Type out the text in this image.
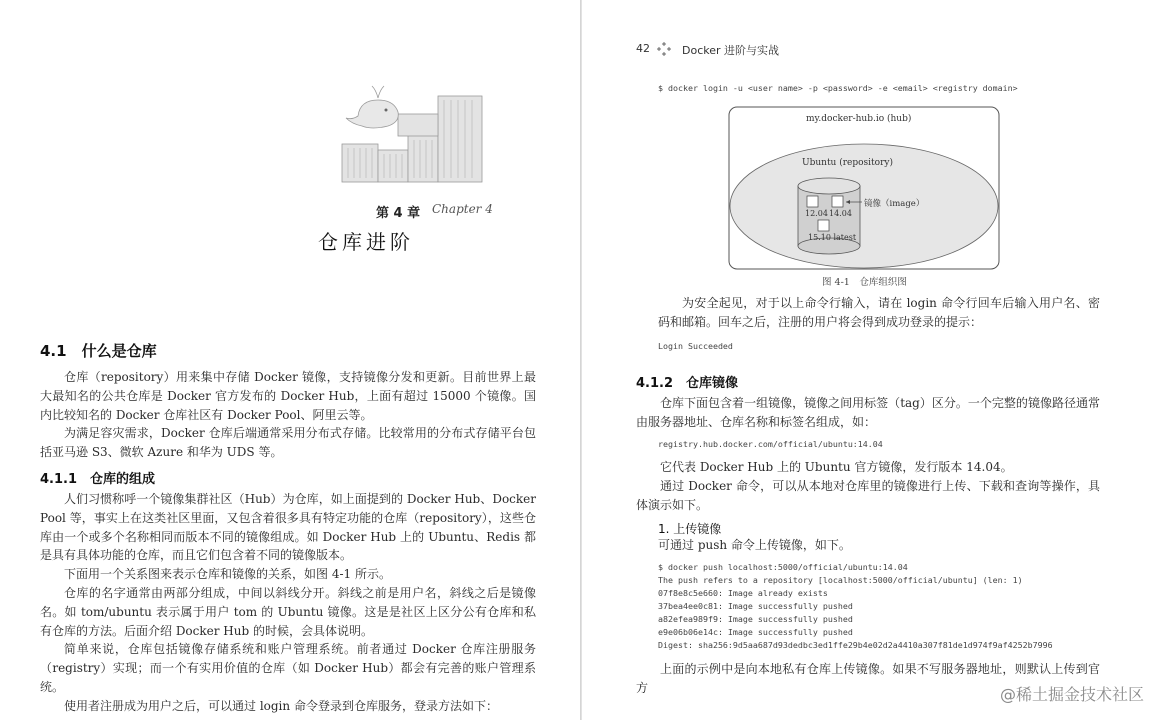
第 4 章 Chapter 4
仓库进阶
4.1　什么是仓库

仓库（repository）用来集中存储 Docker 镜像，支持镜像分发和更新。目前世界上最大最知名的公共仓库是 Docker 官方发布的 Docker Hub，上面有超过 15000 个镜像。国内比较知名的 Docker 仓库社区有 Docker Pool、阿里云等。

为满足容灾需求，Docker 仓库后端通常采用分布式存储。比较常用的分布式存储平台包括亚马逊 S3、微软 Azure 和华为 UDS 等。

4.1.1　仓库的组成

人们习惯称呼一个镜像集群社区（Hub）为仓库，如上面提到的 Docker Hub、Docker Pool 等，事实上在这类社区里面，又包含着很多具有特定功能的仓库（repository），这些仓库由一个或多个名称相同而版本不同的镜像组成。如 Docker Hub 上的 Ubuntu、Redis 都是具有具体功能的仓库，而且它们包含着不同的镜像版本。

下面用一个关系图来表示仓库和镜像的关系，如图 4-1 所示。

仓库的名字通常由两部分组成，中间以斜线分开。斜线之前是用户名，斜线之后是镜像名。如 tom/ubuntu 表示属于用户 tom 的 Ubuntu 镜像。这是是社区上区分公有仓库和私有仓库的方法。后面介绍 Docker Hub 的时候，会具体说明。

简单来说，仓库包括镜像存储系统和账户管理系统。前者通过 Docker 仓库注册服务（registry）实现；而一个有实用价值的仓库（如 Docker Hub）都会有完善的账户管理系统。

使用者注册成为用户之后，可以通过 login 命令登录到仓库服务，登录方法如下：

42	Docker 进阶与实战
$ docker login -u <user name> -p <password> -e <email> <registry domain>
my.docker-hub.io (hub)
Ubuntu (repository)
12.04 14.04
15.10 latest
镜像（image）
图 4-1　仓库组织图

为安全起见，对于以上命令行输入，请在 login 命令行回车后输入用户名、密码和邮箱。回车之后，注册的用户将会得到成功登录的提示：

Login Succeeded
4.1.2　仓库镜像

仓库下面包含着一组镜像，镜像之间用标签（tag）区分。一个完整的镜像路径通常由服务器地址、仓库名称和标签名组成，如：

registry.hub.docker.com/official/ubuntu:14.04

它代表 Docker Hub 上的 Ubuntu 官方镜像，发行版本 14.04。

通过 Docker 命令，可以从本地对仓库里的镜像进行上传、下载和查询等操作，具体演示如下。

1. 上传镜像

可通过 push 命令上传镜像，如下。

$ docker push localhost:5000/official/ubuntu:14.04
The push refers to a repository [localhost:5000/official/ubuntu] (len: 1)
07f8e8c5e660: Image already exists
37bea4ee0c81: Image successfully pushed
a82efea989f9: Image successfully pushed
e9e06b06e14c: Image successfully pushed
Digest: sha256:9d5aa687d93dedbc3ed1ffe29b4e02d2a4410a307f81de1d974f9af4252b7996

上面的示例中是向本地私有仓库上传镜像。如果不写服务器地址，则默认上传到官方	@稀土掘金技术社区
